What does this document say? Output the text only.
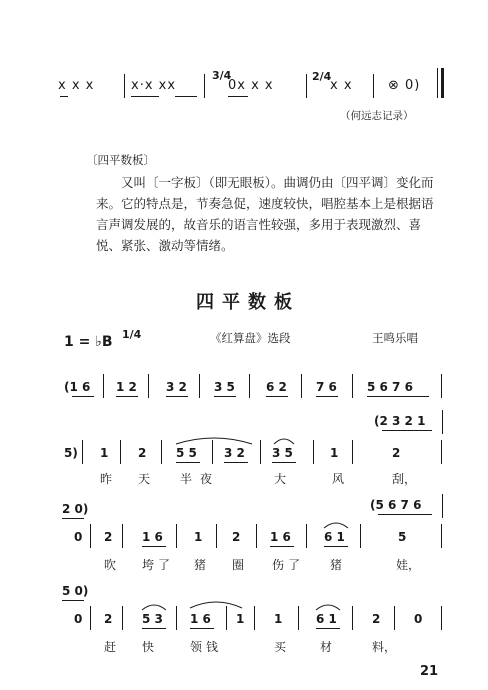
x x x	x·x xx
3/4
0x x x
2/4
x x	⊗ 0)
（何远志记录）
〔四平数板〕
又叫〔一字板〕（即无眼板）。曲调仍由〔四平调〕变化而来。它的特点是，节奏急促，速度较快，唱腔基本上是根据语言声调发展的，故音乐的语言性较强，多用于表现激烈、喜悦、紧张、激动等情绪。
四平数板
1 = ♭B 1/4	《红算盘》选段	王鸣乐唱
(1 6 1 2 3 2 3 5	6 2 7 6	5 6 7 6
(2 3 2 1
5) 1 2 5 5 3 2 3 5	1	2
昨 天 半夜	大	风	刮，
2 0)	(5 6 7 6
0 2 1 6	1 2 1 6	6 1	5
吹 垮了 猪 圈 伤了 猪	娃，
5 0)
0 2 5 3 1 6 1 1	6 1	2	0
赶 快	领钱	买	材	料，
21
